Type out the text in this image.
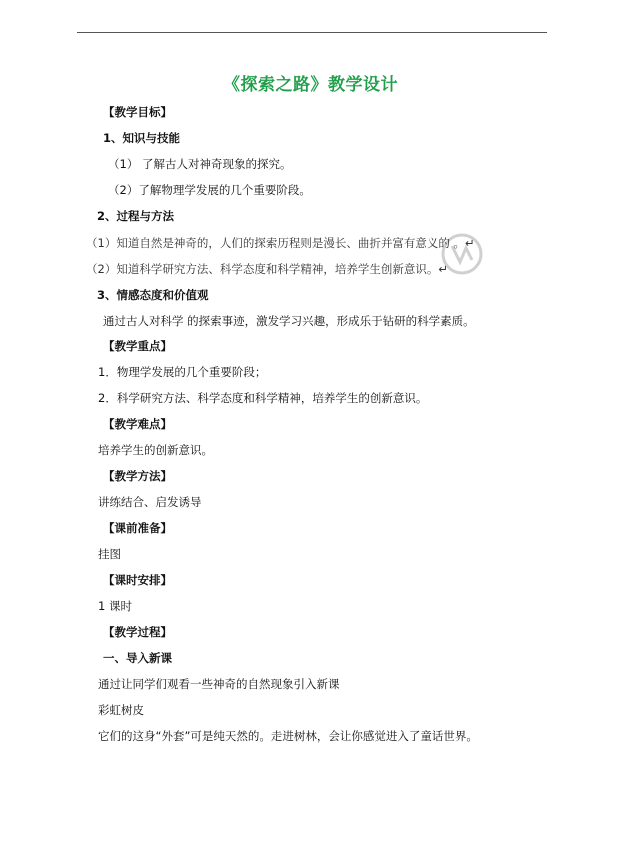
《探索之路》教学设计
【教学目标】
1、知识与技能
（1） 了解古人对神奇现象的探究。
（2）了解物理学发展的几个重要阶段。
2、过程与方法
（1）知道自然是神奇的，人们的探索历程则是漫长、曲折并富有意义的 。↵
（2）知道科学研究方法、科学态度和科学精神，培养学生创新意识。↵
3、情感态度和价值观
通过古人对科学 的探索事迹，激发学习兴趣，形成乐于钻研的科学素质。
【教学重点】
1．物理学发展的几个重要阶段；
2．科学研究方法、科学态度和科学精神，培养学生的创新意识。
【教学难点】
培养学生的创新意识。
【教学方法】
讲练结合、启发诱导
【课前准备】
挂图
【课时安排】
1 课时
【教学过程】
一、导入新课
通过让同学们观看一些神奇的自然现象引入新课
彩虹树皮
它们的这身“外套”可是纯天然的。走进树林，会让你感觉进入了童话世界。
